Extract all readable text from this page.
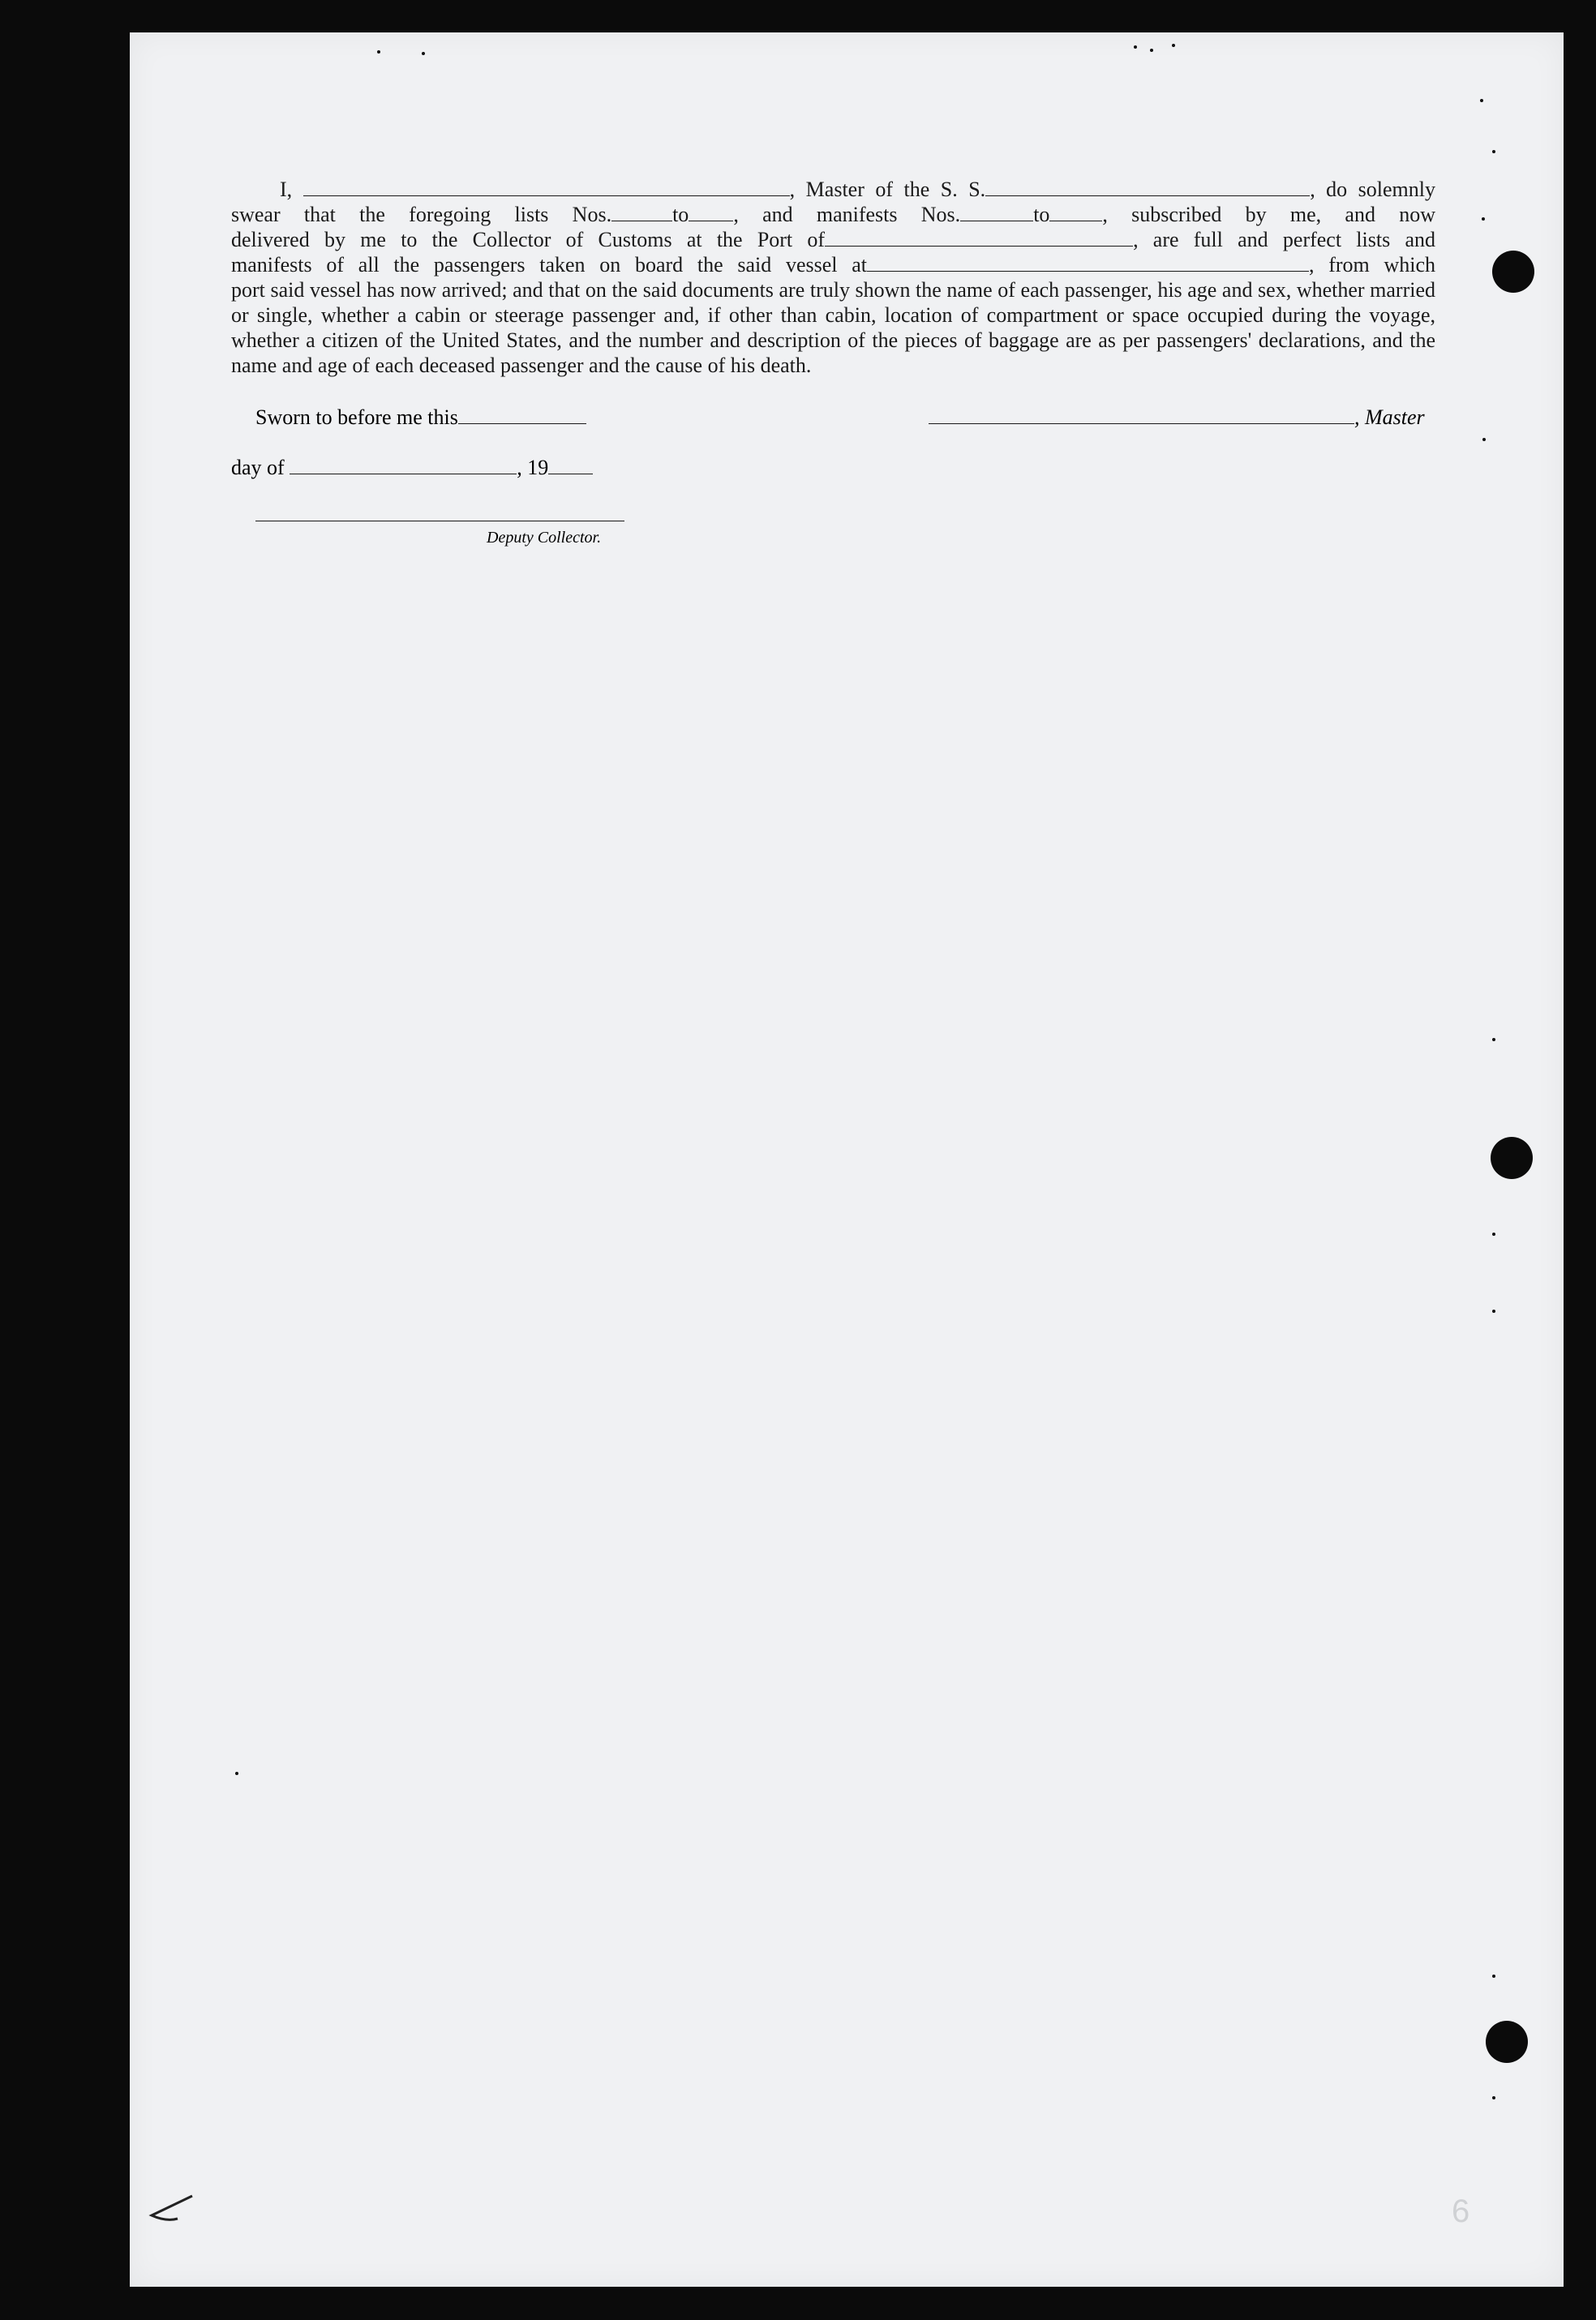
I,	, Master of the S. S.	, do solemnly
swear that the foregoing lists Nos.	to , and manifests Nos.	to	, subscribed by me, and now
delivered by me to the Collector of Customs at the Port of	, are full and perfect lists and
manifests of all the passengers taken on board the said vessel at	, from which
port said vessel has now arrived; and that on the said documents are truly shown the name of each passenger, his age and sex, whether married or single, whether a cabin or steerage passenger and, if other than cabin, location of compartment or space occupied during the voyage, whether a citizen of the United States, and the number and description of the pieces of baggage are as per passengers' declarations, and the name and age of each deceased passenger and the cause of his death.
Sworn to before me this	, Master
day of	, 19
Deputy Collector.
6
